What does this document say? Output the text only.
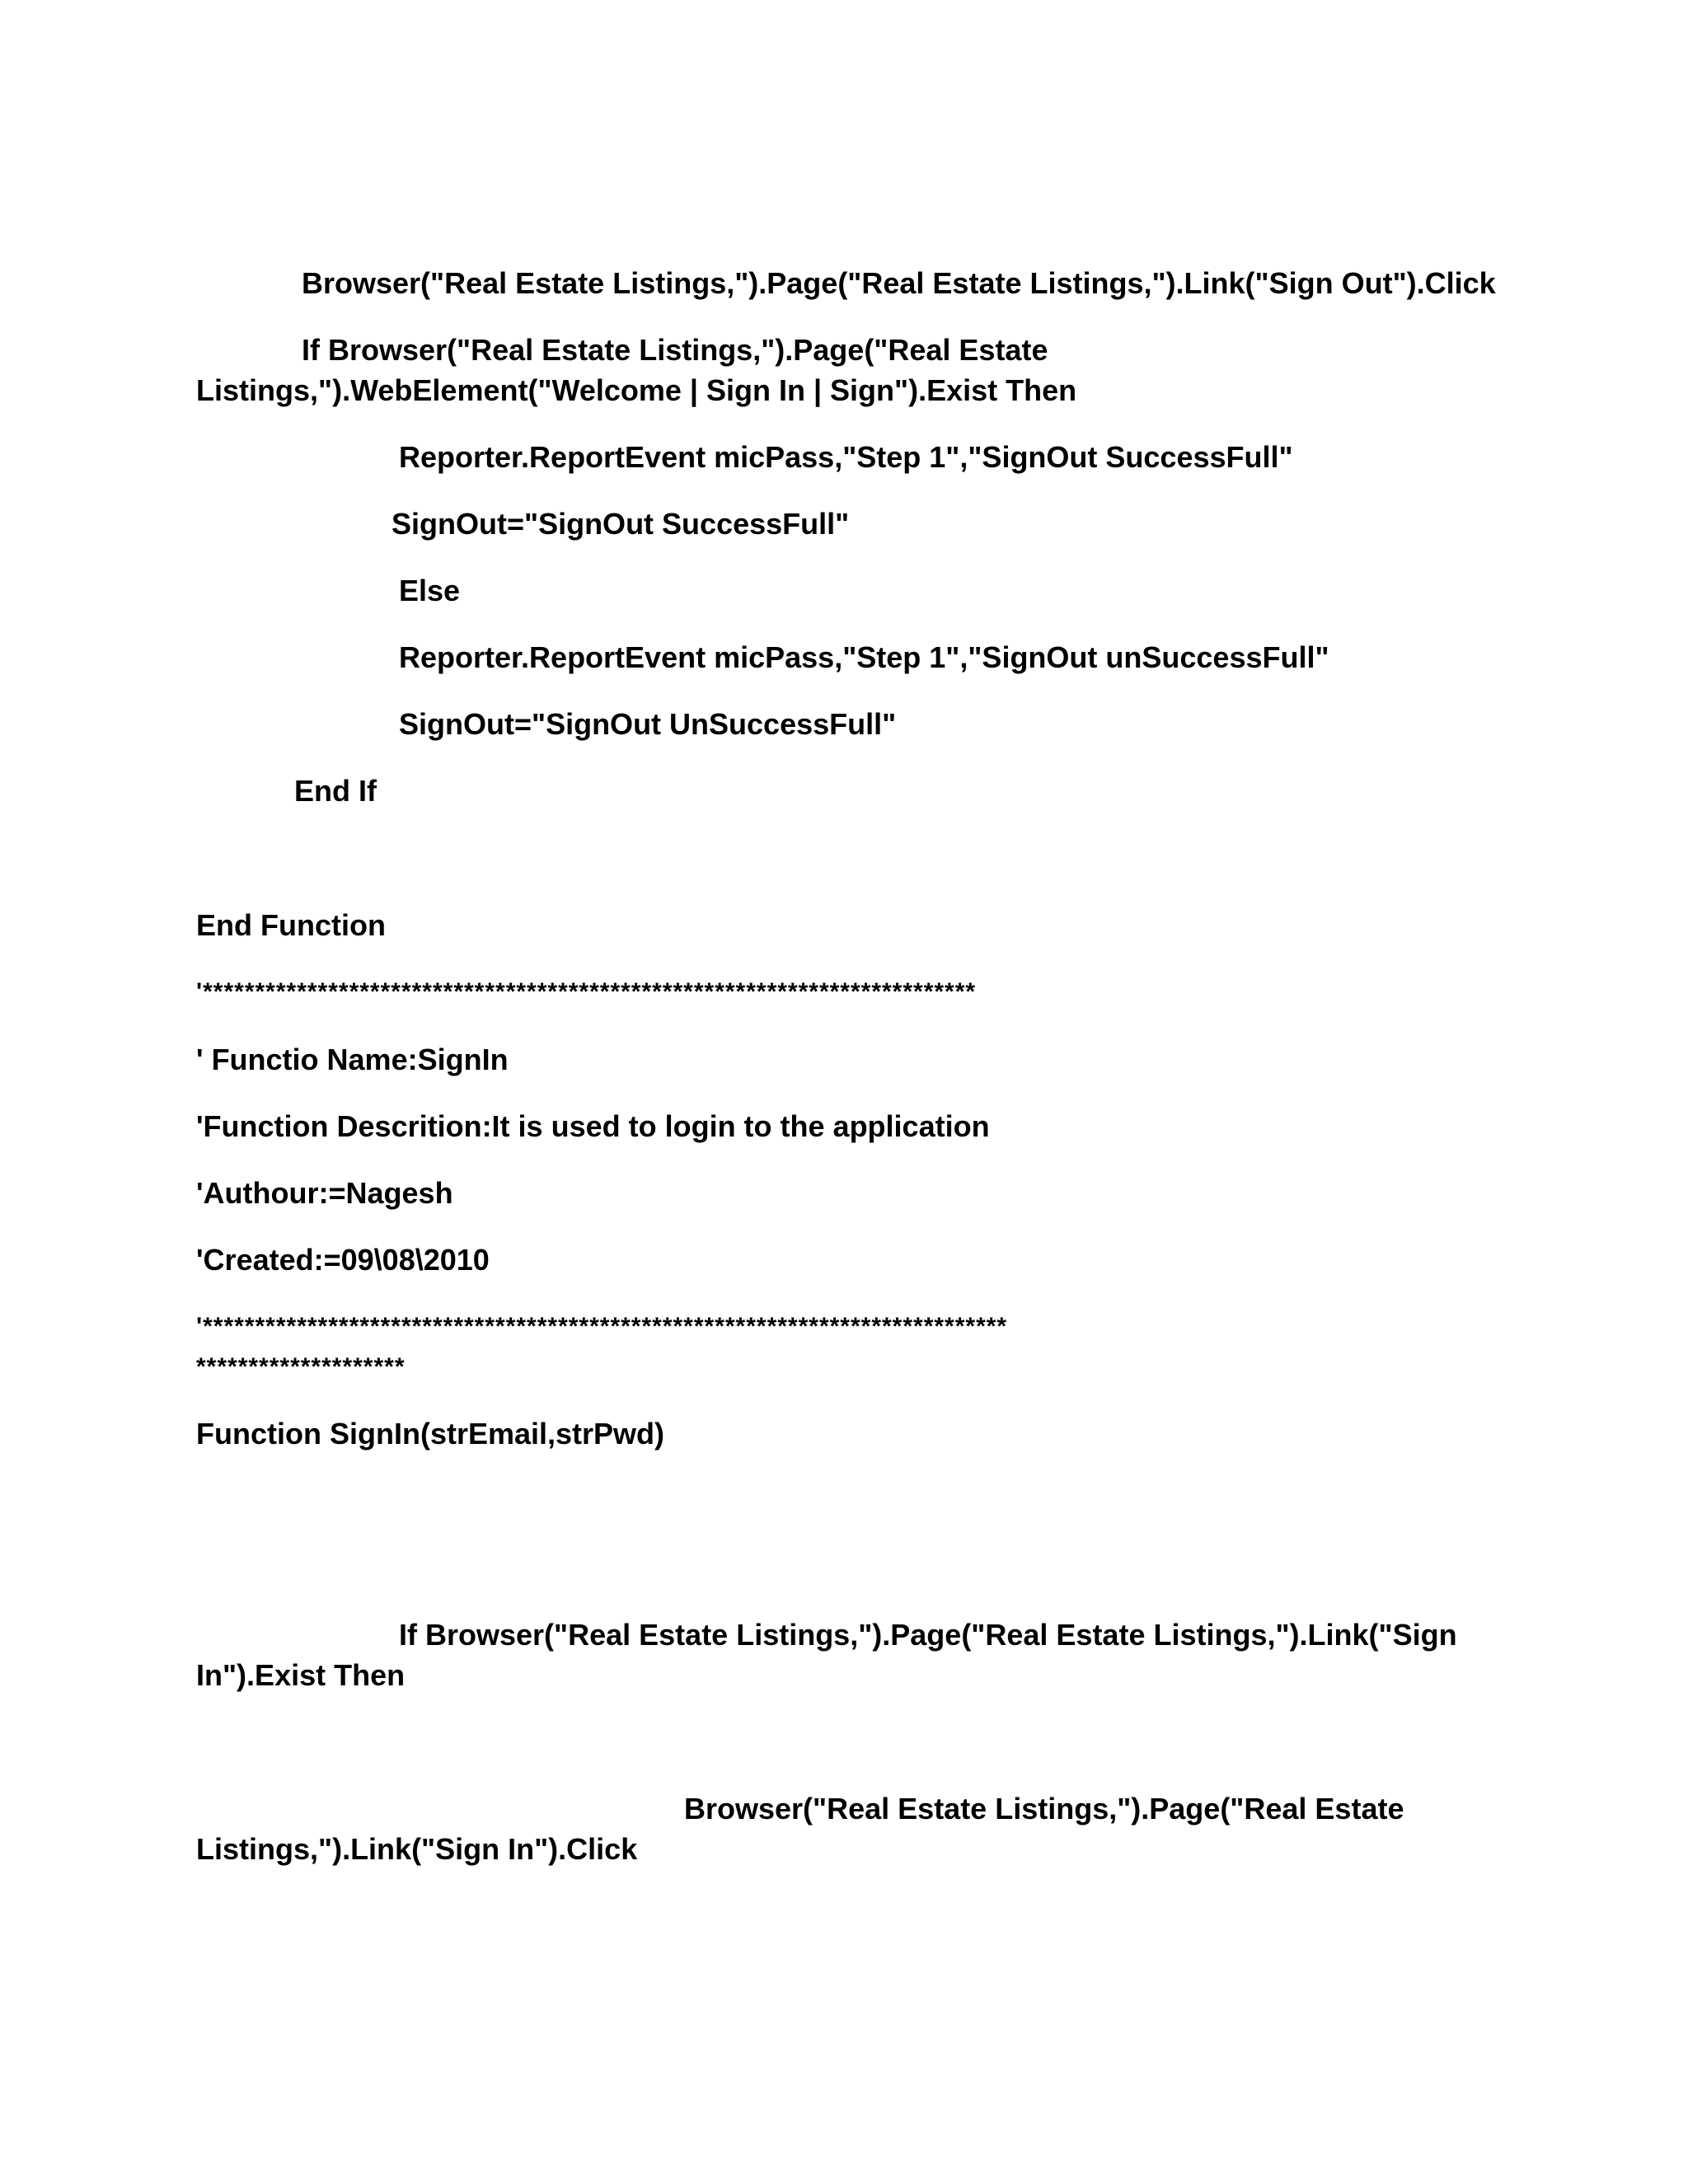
Browser("Real Estate Listings,").Page("Real Estate Listings,").Link("Sign Out").Click
If Browser("Real Estate Listings,").Page("Real Estate
Listings,").WebElement("Welcome | Sign In | Sign").Exist Then
Reporter.ReportEvent micPass,"Step 1","SignOut SuccessFull"
SignOut="SignOut SuccessFull"
Else
Reporter.ReportEvent micPass,"Step 1","SignOut unSuccessFull"
SignOut="SignOut UnSuccessFull"
End If
End Function
'**************************************************************************
' Functio Name:SignIn
'Function Descrition:It is used to login to the application
'Authour:=Nagesh
'Created:=09\08\2010
'*****************************************************************************
********************
Function SignIn(strEmail,strPwd)
If Browser("Real Estate Listings,").Page("Real Estate Listings,").Link("Sign
In").Exist Then
Browser("Real Estate Listings,").Page("Real Estate
Listings,").Link("Sign In").Click
